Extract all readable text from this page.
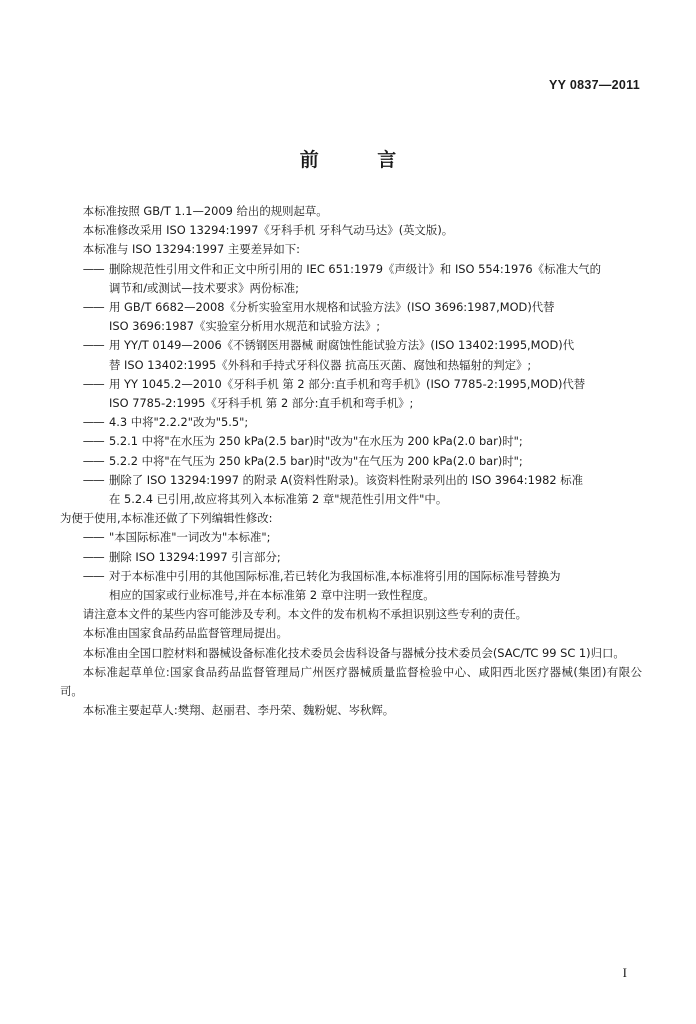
YY 0837—2011
前 言

本标准按照 GB/T 1.1—2009 给出的规则起草。

本标准修改采用 ISO 13294:1997《牙科手机 牙科气动马达》(英文版)。

本标准与 ISO 13294:1997 主要差异如下:

—— 删除规范性引用文件和正文中所引用的 IEC 651:1979《声级计》和 ISO 554:1976《标准大气的
调节和/或测试—技术要求》两份标准;
—— 用 GB/T 6682—2008《分析实验室用水规格和试验方法》(ISO 3696:1987,MOD)代替
ISO 3696:1987《实验室分析用水规范和试验方法》;
—— 用 YY/T 0149—2006《不锈钢医用器械 耐腐蚀性能试验方法》(ISO 13402:1995,MOD)代
替 ISO 13402:1995《外科和手持式牙科仪器 抗高压灭菌、腐蚀和热辐射的判定》;
—— 用 YY 1045.2—2010《牙科手机 第 2 部分:直手机和弯手机》(ISO 7785-2:1995,MOD)代替
ISO 7785-2:1995《牙科手机 第 2 部分:直手机和弯手机》;
—— 4.3 中将"2.2.2"改为"5.5";
—— 5.2.1 中将"在水压为 250 kPa(2.5 bar)时"改为"在水压为 200 kPa(2.0 bar)时";
—— 5.2.2 中将"在气压为 250 kPa(2.5 bar)时"改为"在气压为 200 kPa(2.0 bar)时";
—— 删除了 ISO 13294:1997 的附录 A(资料性附录)。该资料性附录列出的 ISO 3964:1982 标准
在 5.2.4 已引用,故应将其列入本标准第 2 章"规范性引用文件"中。

为便于使用,本标准还做了下列编辑性修改:

—— "本国际标准"一词改为"本标准";
—— 删除 ISO 13294:1997 引言部分;
—— 对于本标准中引用的其他国际标准,若已转化为我国标准,本标准将引用的国际标准号替换为
相应的国家或行业标准号,并在本标准第 2 章中注明一致性程度。

请注意本文件的某些内容可能涉及专利。本文件的发布机构不承担识别这些专利的责任。

本标准由国家食品药品监督管理局提出。

本标准由全国口腔材料和器械设备标准化技术委员会齿科设备与器械分技术委员会(SAC/TC 99 SC 1)归口。

本标准起草单位:国家食品药品监督管理局广州医疗器械质量监督检验中心、咸阳西北医疗器械(集团)有限公司。

本标准主要起草人:樊翔、赵丽君、李丹荣、魏粉妮、岑秋辉。

I
